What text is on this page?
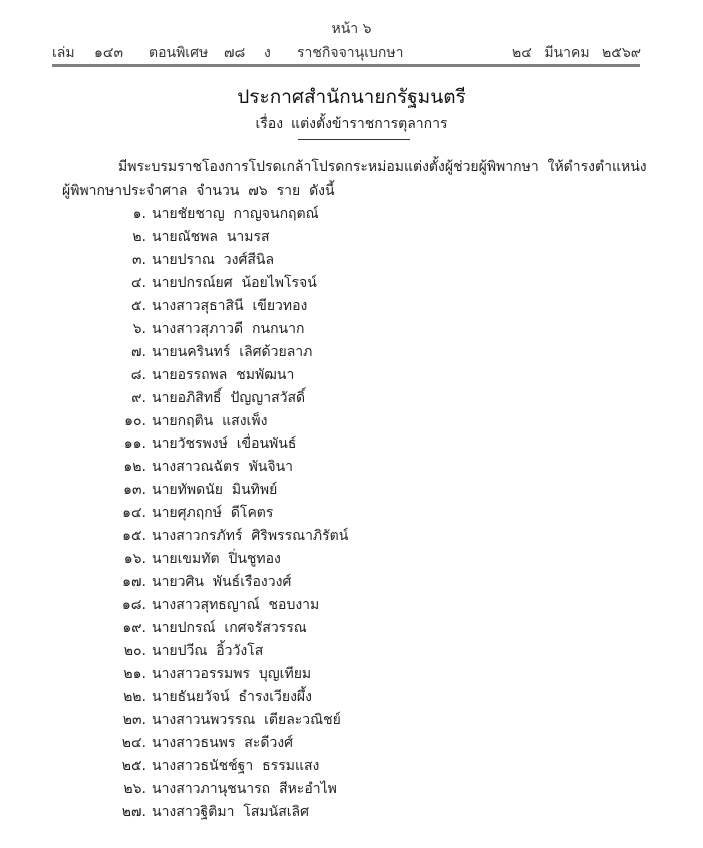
หน้า ๖
เล่ม ๑๔๓ ตอนพิเศษ ๗๘ ง ราชกิจจานุเบกษา	๒๔ มีนาคม ๒๕๖๙
ประกาศสำนักนายกรัฐมนตรี
เรื่อง แต่งตั้งข้าราชการตุลาการ
มีพระบรมราชโองการโปรดเกล้าโปรดกระหม่อมแต่งตั้งผู้ช่วยผู้พิพากษา  ให้ดำรงตำแหน่ง
ผู้พิพากษาประจำศาล  จำนวน  ๗๖  ราย  ดังนี้
๑. นายชัยชาญ  กาญจนกฤตณ์
๒. นายณัชพล  นามรส
๓. นายปราณ  วงศ์สีนิล
๔. นายปกรณ์ยศ  น้อยไพโรจน์
๕. นางสาวสุธาสินี  เขียวทอง
๖. นางสาวสุภาวดี  กนกนาก
๗. นายนครินทร์  เลิศด้วยลาภ
๘. นายอรรถพล  ชมพัฒนา
๙. นายอภิสิทธิ์  ปัญญาสวัสดิ์
๑๐. นายกฤติน  แสงเพ็ง
๑๑. นายวัชรพงษ์  เขื่อนพันธ์
๑๒. นางสาวณฉัตร  พันจินา
๑๓. นายทัพดนัย  มินทิพย์
๑๔. นายศุภฤกษ์  ดีโคตร
๑๕. นางสาวกรภัทร์  ศิริพรรณาภิรัตน์
๑๖. นายเขมทัต  ปิ่นชูทอง
๑๗. นายวศิน  พันธ์เรืองวงศ์
๑๘. นางสาวสุทธญาณ์  ชอบงาม
๑๙. นายปกรณ์  เกศจรัสวรรณ
๒๐. นายปวีณ  อิ้ววังโส
๒๑. นางสาวอรรมพร  บุญเทียม
๒๒. นายธันยวัจน์  ธำรงเวียงผึ้ง
๒๓. นางสาวนพวรรณ  เตียละวณิชย์
๒๔. นางสาวธนพร  สะดีวงศ์
๒๕. นางสาวธนัชช์ฐา  ธรรมแสง
๒๖. นางสาวภานุชนารถ  สีหะอำไพ
๒๗. นางสาวฐิติมา  โสมนัสเลิศ
